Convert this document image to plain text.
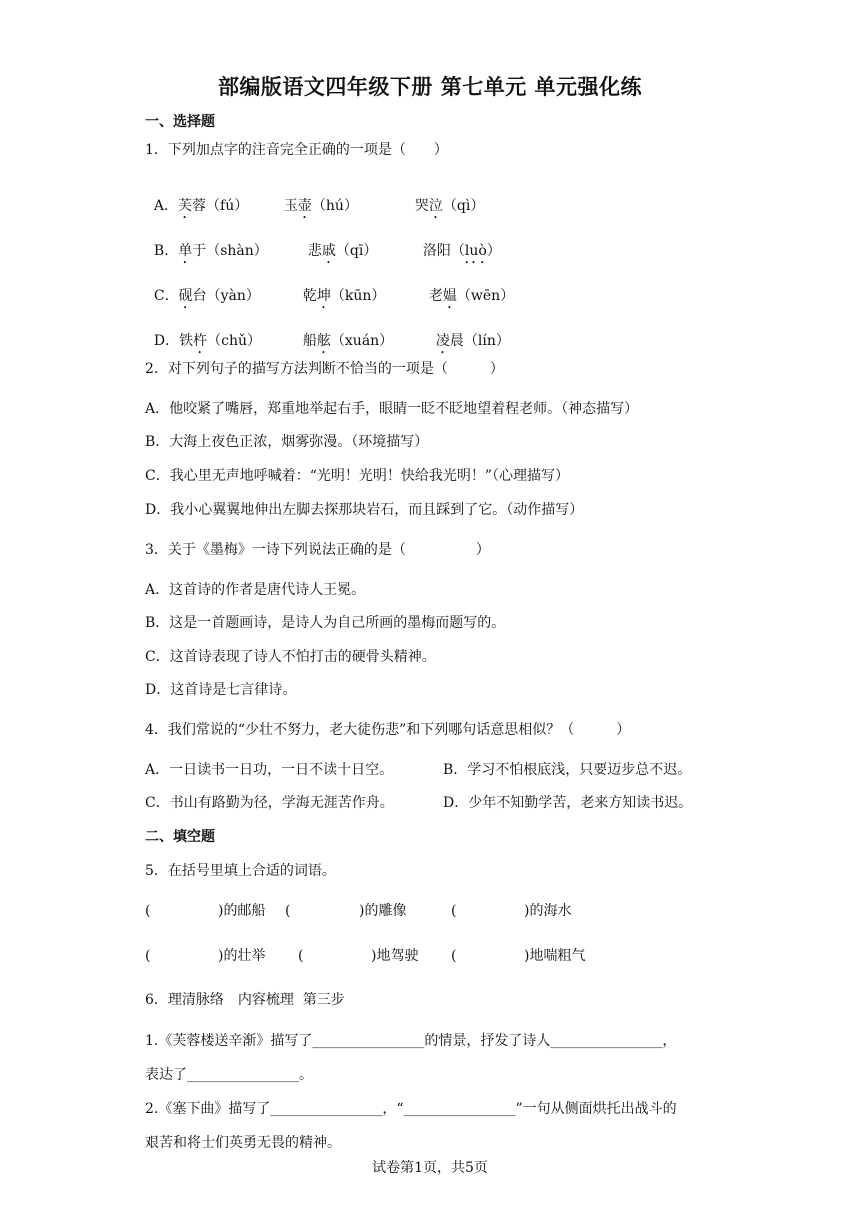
部编版语文四年级下册 第七单元 单元强化练
一、选择题
1．下列加点字的注音完全正确的一项是（　　）

A．芙蓉（fú）	玉壶（hú）	哭泣（qì）

B．单于（shàn）	悲戚（qī）	洛阳（luò）

C．砚台（yàn）	乾坤（kūn）	老媪（wēn）

D．铁杵（chǔ）	船舷（xuán）	凌晨（lín）

2．对下列句子的描写方法判断不恰当的一项是（　　　）
A．他咬紧了嘴唇，郑重地举起右手，眼睛一眨不眨地望着程老师。（神态描写）
B．大海上夜色正浓，烟雾弥漫。（环境描写）
C．我心里无声地呼喊着：“光明！光明！快给我光明！”（心理描写）
D．我小心翼翼地伸出左脚去探那块岩石，而且踩到了它。（动作描写）
3．关于《墨梅》一诗下列说法正确的是（　　　　　）
A．这首诗的作者是唐代诗人王冕。
B．这是一首题画诗，是诗人为自己所画的墨梅而题写的。
C．这首诗表现了诗人不怕打击的硬骨头精神。
D．这首诗是七言律诗。
4．我们常说的“少壮不努力，老大徒伤悲”和下列哪句话意思相似？（　　　）
A．一日读书一日功，一日不读十日空。	B．学习不怕根底浅，只要迈步总不迟。
C．书山有路勤为径，学海无涯苦作舟。	D．少年不知勤学苦，老来方知读书迟。
二、填空题
5．在括号里填上合适的词语。
(	)的邮船 (	)的雕像	(	)的海水
(	)的壮举 (	)地驾驶 (	)地喘粗气
6．理清脉络　内容梳理  第三步
1.《芙蓉楼送辛渐》描写了________________的情景，抒发了诗人________________，
表达了________________。
2.《塞下曲》描写了________________，“________________”一句从侧面烘托出战斗的
艰苦和将士们英勇无畏的精神。
试卷第1页，共5页
